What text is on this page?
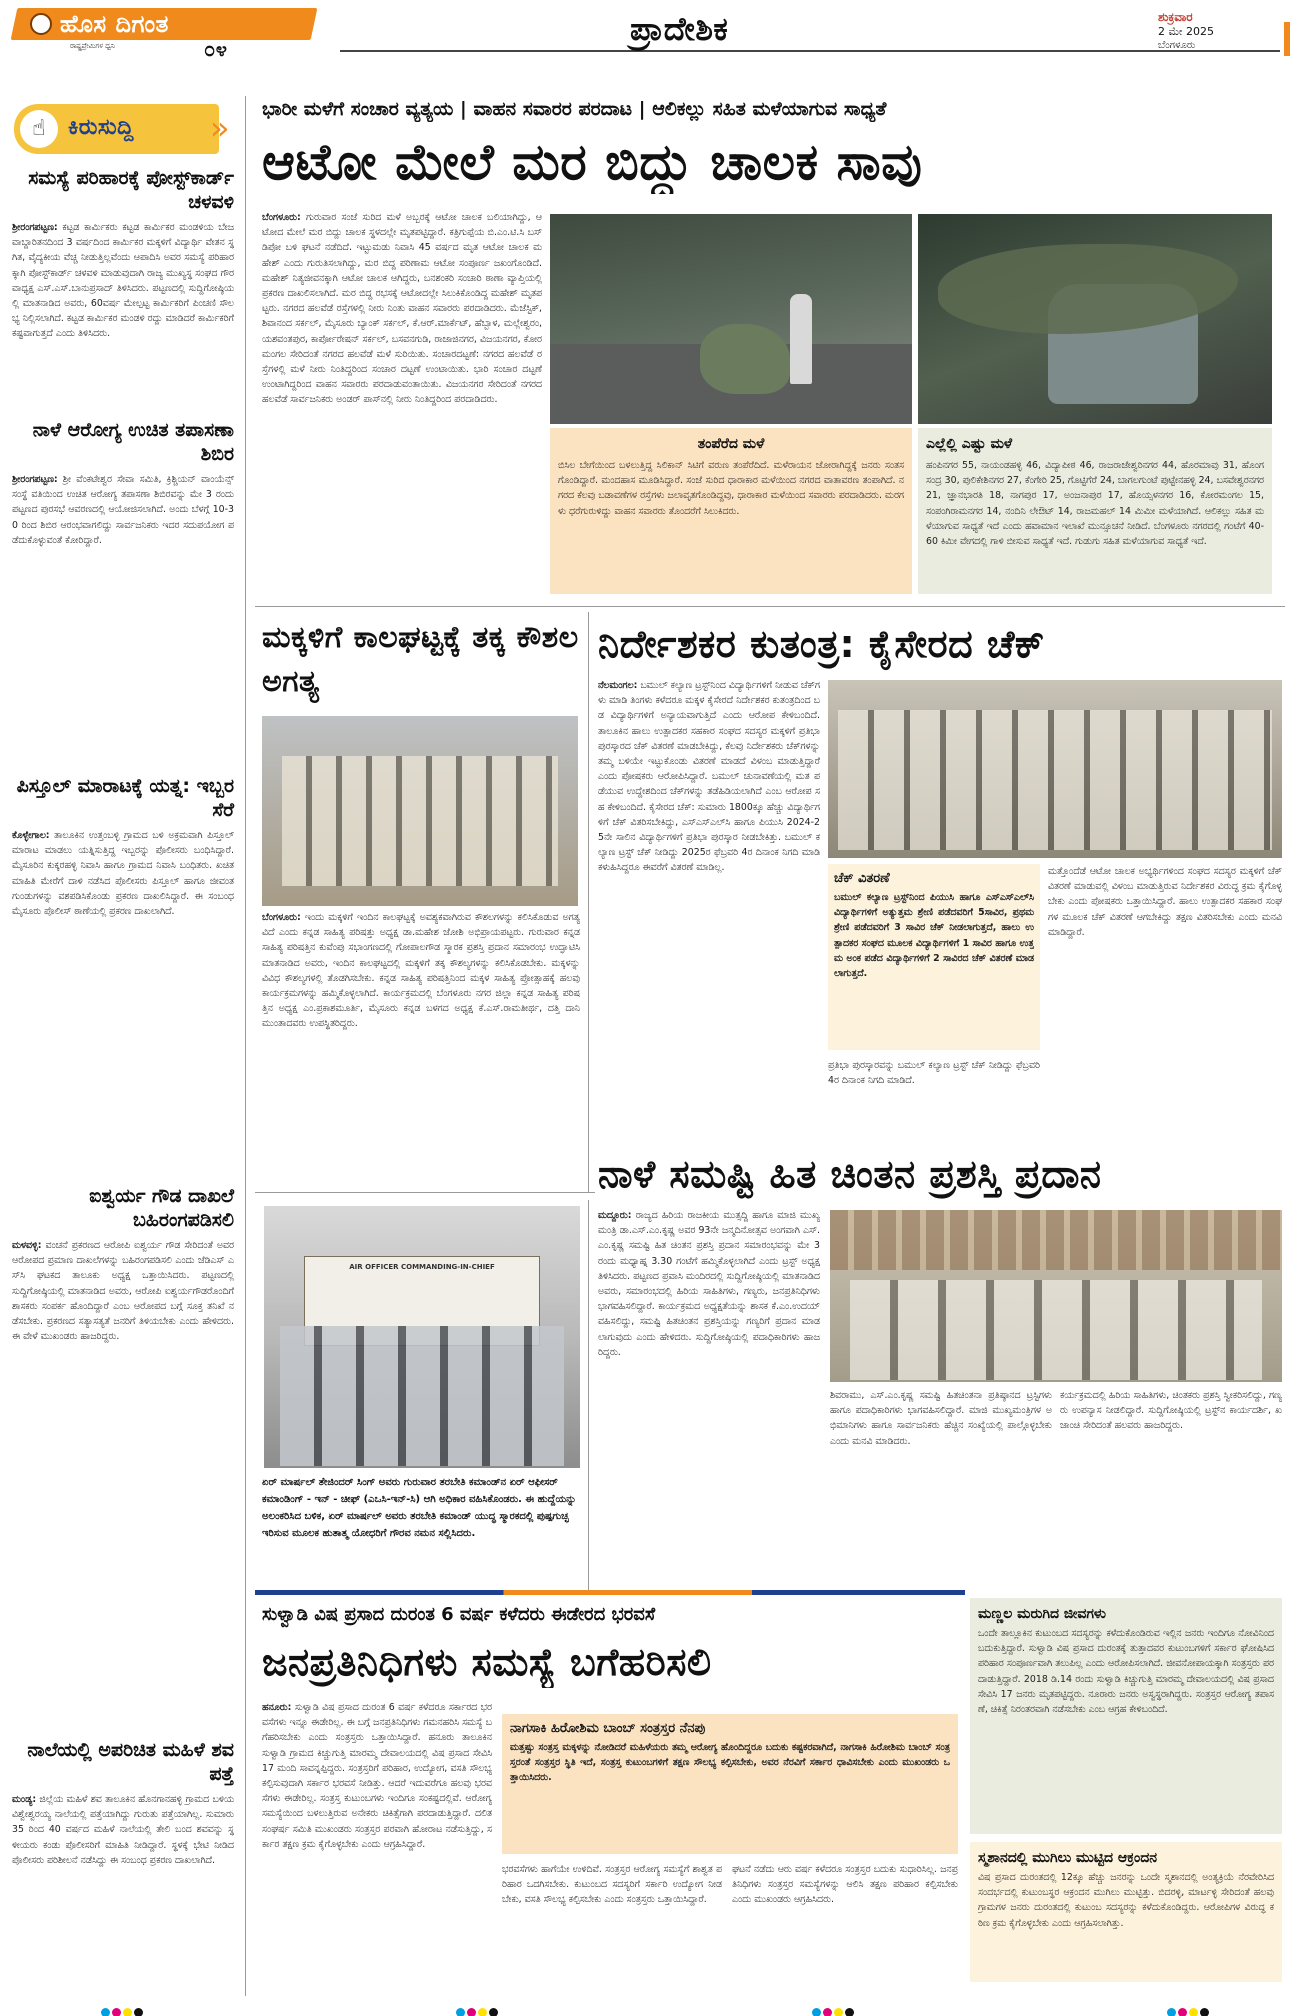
ಹೊಸ ದಿಗಂತ
ರಾಷ್ಟ್ರಪ್ರೇಮಿಗಳ ಧ್ವನಿ	೦೪
ಪ್ರಾದೇಶಿಕ	ಶುಕ್ರವಾರ
2 ಮೇ 2025
ಬೆಂಗಳೂರು
☝	ಕಿರುಸುದ್ದಿ »
ಸಮಸ್ಯೆ ಪರಿಹಾರಕ್ಕೆ ಪೋಸ್ಟ್‌ಕಾರ್ಡ್ ಚಳವಳಿ
ಶ್ರೀರಂಗಪಟ್ಟಣ: ಕಟ್ಟಡ ಕಾರ್ಮಿಕರು ಕಟ್ಟಡ ಕಾರ್ಮಿಕರ ಮಂಡಳಿಯ ಬೇಜವಾಬ್ದಾರಿತನದಿಂದ 3 ವರ್ಷದಿಂದ ಕಾರ್ಮಿಕರ ಮಕ್ಕಳಿಗೆ ವಿದ್ಯಾರ್ಥಿ ವೇತನ ಸ್ಥಗಿತ, ವೈದ್ಯಕೀಯ ವೆಚ್ಚ ನೀಡುತ್ತಿಲ್ಲವೆಂದು ಆಪಾದಿಸಿ ಅವರ ಸಮಸ್ಯೆ ಪರಿಹಾರಕ್ಕಾಗಿ ಪೋಸ್ಟ್‌ಕಾರ್ಡ್ ಚಳವಳಿ ಮಾಡುವುದಾಗಿ ರಾಜ್ಯ ಮುಖ್ಯಸ್ಥ ಸಂಘದ ಗೌರವಾಧ್ಯಕ್ಷ ಎಸ್.ಎಸ್.ಬಾನುಪ್ರಸಾದ್ ತಿಳಿಸಿದರು. ಪಟ್ಟಣದಲ್ಲಿ ಸುದ್ದಿಗೋಷ್ಠಿಯಲ್ಲಿ ಮಾತನಾಡಿದ ಅವರು, 60ವರ್ಷ ಮೇಲ್ಪಟ್ಟ ಕಾರ್ಮಿಕರಿಗೆ ಪಿಂಚಣಿ ಸೌಲಭ್ಯ ನಿಲ್ಲಿಸಲಾಗಿದೆ. ಕಟ್ಟಡ ಕಾರ್ಮಿಕರ ಮಂಡಳಿ ರದ್ದು ಮಾಡಿದರೆ ಕಾರ್ಮಿಕರಿಗೆ ಕಷ್ಟವಾಗುತ್ತದೆ ಎಂದು ತಿಳಿಸಿದರು.
ನಾಳೆ ಆರೋಗ್ಯ ಉಚಿತ ತಪಾಸಣಾ ಶಿಬಿರ
ಶ್ರೀರಂಗಪಟ್ಟಣ: ಶ್ರೀ ವೆಂಕಟೇಶ್ವರ ಸೇವಾ ಸಮಿತಿ, ಕ್ರಿಶ್ಚಿಯನ್ ವಾಂಯೆನ್ಸ್ ಸಂಸ್ಥೆ ವತಿಯಿಂದ ಉಚಿತ ಆರೋಗ್ಯ ತಪಾಸಣಾ ಶಿಬಿರವನ್ನು ಮೇ 3 ರಂದು ಪಟ್ಟಣದ ಪುರಸಭೆ ಆವರಣದಲ್ಲಿ ಆಯೋಜಿಸಲಾಗಿದೆ. ಅಂದು ಬೆಳಗ್ಗೆ 10-30 ರಿಂದ ಶಿಬಿರ ಆರಂಭವಾಗಲಿದ್ದು ಸಾರ್ವಜನಿಕರು ಇದರ ಸದುಪಯೋಗ ಪಡೆದುಕೊಳ್ಳುವಂತೆ ಕೋರಿದ್ದಾರೆ.
ಪಿಸ್ತೂಲ್ ಮಾರಾಟಕ್ಕೆ ಯತ್ನ: ಇಬ್ಬರ ಸೆರೆ
ಕೊಳ್ಳೇಗಾಲ: ತಾಲೂಕಿನ ಉತ್ತಂಬಳ್ಳಿ ಗ್ರಾಮದ ಬಳಿ ಅಕ್ರಮವಾಗಿ ಪಿಸ್ತೂಲ್ ಮಾರಾಟ ಮಾಡಲು ಯತ್ನಿಸುತ್ತಿದ್ದ ಇಬ್ಬರನ್ನು ಪೊಲೀಸರು ಬಂಧಿಸಿದ್ದಾರೆ. ಮೈಸೂರಿನ ಕುಕ್ಕರಹಳ್ಳಿ ನಿವಾಸಿ ಹಾಗೂ ಗ್ರಾಮದ ನಿವಾಸಿ ಬಂಧಿತರು. ಖಚಿತ ಮಾಹಿತಿ ಮೇರೆಗೆ ದಾಳಿ ನಡೆಸಿದ ಪೊಲೀಸರು ಪಿಸ್ತೂಲ್ ಹಾಗೂ ಜೀವಂತ ಗುಂಡುಗಳನ್ನು ವಶಪಡಿಸಿಕೊಂಡು ಪ್ರಕರಣ ದಾಖಲಿಸಿದ್ದಾರೆ. ಈ ಸಂಬಂಧ ಮೈಸೂರು ಪೊಲೀಸ್ ಠಾಣೆಯಲ್ಲಿ ಪ್ರಕರಣ ದಾಖಲಾಗಿದೆ.
ಐಶ್ವರ್ಯ ಗೌಡ ದಾಖಲೆ ಬಹಿರಂಗಪಡಿಸಲಿ
ಮಳವಳ್ಳಿ: ವಂಚನೆ ಪ್ರಕರಣದ ಆರೋಪಿ ಐಶ್ವರ್ಯ ಗೌಡ ಸೇರಿದಂತೆ ಅವರ ಆರೋಪದ ಪ್ರಮಾಣ ದಾಖಲೆಗಳನ್ನು ಬಹಿರಂಗಪಡಿಸಲಿ ಎಂದು ಜೆಡಿಎಸ್ ಎಸ್‌ಸಿ ಘಟಕದ ತಾಲೂಕು ಅಧ್ಯಕ್ಷ ಒತ್ತಾಯಿಸಿದರು. ಪಟ್ಟಣದಲ್ಲಿ ಸುದ್ದಿಗೋಷ್ಠಿಯಲ್ಲಿ ಮಾತನಾಡಿದ ಅವರು, ಆರೋಪಿ ಐಶ್ವರ್ಯಗೌಡರೊಂದಿಗೆ ಶಾಸಕರು ಸಂಪರ್ಕ ಹೊಂದಿದ್ದಾರೆ ಎಂಬ ಆರೋಪದ ಬಗ್ಗೆ ಸೂಕ್ತ ತನಿಖೆ ನಡೆಸಬೇಕು. ಪ್ರಕರಣದ ಸತ್ಯಾಸತ್ಯತೆ ಜನರಿಗೆ ತಿಳಿಯಬೇಕು ಎಂದು ಹೇಳಿದರು. ಈ ವೇಳೆ ಮುಖಂಡರು ಹಾಜರಿದ್ದರು.
ನಾಲೆಯಲ್ಲಿ ಅಪರಿಚಿತ ಮಹಿಳೆ ಶವ ಪತ್ತೆ
ಮಂಡ್ಯ: ಜಿಲ್ಲೆಯ ಮಹಿಳೆ ಶವ ತಾಲೂಕಿನ ಹೊನಗಾನಹಳ್ಳಿ ಗ್ರಾಮದ ಬಳಿಯ ವಿಶ್ವೇಶ್ವರಯ್ಯ ನಾಲೆಯಲ್ಲಿ ಪತ್ತೆಯಾಗಿದ್ದು ಗುರುತು ಪತ್ತೆಯಾಗಿಲ್ಲ. ಸುಮಾರು 35 ರಿಂದ 40 ವರ್ಷದ ಮಹಿಳೆ ನಾಲೆಯಲ್ಲಿ ತೇಲಿ ಬಂದ ಶವವನ್ನು ಸ್ಥಳೀಯರು ಕಂಡು ಪೊಲೀಸರಿಗೆ ಮಾಹಿತಿ ನೀಡಿದ್ದಾರೆ. ಸ್ಥಳಕ್ಕೆ ಭೇಟಿ ನೀಡಿದ ಪೊಲೀಸರು ಪರಿಶೀಲನೆ ನಡೆಸಿದ್ದು ಈ ಸಂಬಂಧ ಪ್ರಕರಣ ದಾಖಲಾಗಿದೆ.
ಭಾರೀ ಮಳೆಗೆ ಸಂಚಾರ ವ್ಯತ್ಯಯ | ವಾಹನ ಸವಾರರ ಪರದಾಟ | ಆಲಿಕಲ್ಲು ಸಹಿತ ಮಳೆಯಾಗುವ ಸಾಧ್ಯತೆ
ಆಟೋ ಮೇಲೆ ಮರ ಬಿದ್ದು ಚಾಲಕ ಸಾವು
ಬೆಂಗಳೂರು: ಗುರುವಾರ ಸಂಜೆ ಸುರಿದ ಮಳೆ ಅಬ್ಬರಕ್ಕೆ ಆಟೋ ಚಾಲಕ ಬಲಿಯಾಗಿದ್ದು, ಆಟೋದ ಮೇಲೆ ಮರ ಬಿದ್ದು ಚಾಲಕ ಸ್ಥಳದಲ್ಲೇ ಮೃತಪಟ್ಟಿದ್ದಾರೆ. ಕತ್ರಿಗುಪ್ಪೆಯ ಬಿ.ಎಂ.ಟಿ.ಸಿ ಬಸ್ ಡಿಪೋ ಬಳಿ ಘಟನೆ ನಡೆದಿದೆ. ಇಟ್ಟುಮಡು ನಿವಾಸಿ 45 ವರ್ಷದ ಮೃತ ಆಟೋ ಚಾಲಕ ಮಹೇಶ್ ಎಂದು ಗುರುತಿಸಲಾಗಿದ್ದು, ಮರ ಬಿದ್ದ ಪರಿಣಾಮ ಆಟೋ ಸಂಪೂರ್ಣ ಜಖಂಗೊಂಡಿದೆ. ಮಹೇಶ್ ನಿತ್ಯಜೀವನಕ್ಕಾಗಿ ಆಟೋ ಚಾಲಕ ಆಗಿದ್ದರು, ಬನಶಂಕರಿ ಸಂಚಾರಿ ಠಾಣಾ ವ್ಯಾಪ್ತಿಯಲ್ಲಿ ಪ್ರಕರಣ ದಾಖಲಿಸಲಾಗಿದೆ. ಮರ ಬಿದ್ದ ರಭಸಕ್ಕೆ ಆಟೋದಲ್ಲೇ ಸಿಲುಕಿಕೊಂಡಿದ್ದ ಮಹೇಶ್ ಮೃತಪಟ್ಟರು. ನಗರದ ಹಲವೆಡೆ ರಸ್ತೆಗಳಲ್ಲಿ ನೀರು ನಿಂತು ವಾಹನ ಸವಾರರು ಪರದಾಡಿದರು. ಮೆಜೆಸ್ಟಿಕ್, ಶಿವಾನಂದ ಸರ್ಕಲ್, ಮೈಸೂರು ಬ್ಯಾಂಕ್ ಸರ್ಕಲ್, ಕೆ.ಆರ್.ಮಾರ್ಕೆಟ್, ಹೆಬ್ಬಾಳ, ಮಲ್ಲೇಶ್ವರಂ, ಯಶವಂತಪುರ, ಕಾರ್ಪೋರೇಷನ್ ಸರ್ಕಲ್, ಬಸವನಗುಡಿ, ರಾಜಾಜಿನಗರ, ವಿಜಯನಗರ, ಕೋರಮಂಗಲ ಸೇರಿದಂತೆ ನಗರದ ಹಲವೆಡೆ ಮಳೆ ಸುರಿಯಿತು. ಸಂಚಾರದಟ್ಟಣೆ: ನಗರದ ಹಲವೆಡೆ ರಸ್ತೆಗಳಲ್ಲಿ ಮಳೆ ನೀರು ನಿಂತಿದ್ದರಿಂದ ಸಂಚಾರ ದಟ್ಟಣೆ ಉಂಟಾಯಿತು. ಭಾರಿ ಸಂಚಾರ ದಟ್ಟಣೆ ಉಂಟಾಗಿದ್ದರಿಂದ ವಾಹನ ಸವಾರರು ಪರದಾಡುವಂತಾಯಿತು. ವಿಜಯನಗರ ಸೇರಿದಂತೆ ನಗರದ ಹಲವೆಡೆ ಸಾರ್ವಜನಿಕರು ಅಂಡರ್ ಪಾಸ್‌ನಲ್ಲಿ ನೀರು ನಿಂತಿದ್ದರಿಂದ ಪರದಾಡಿದರು.
ತಂಪೆರೆದ ಮಳೆ
ಬಿಸಿಲ ಬೇಗೆಯಿಂದ ಬಳಲುತ್ತಿದ್ದ ಸಿಲಿಕಾನ್ ಸಿಟಿಗೆ ವರುಣ ತಂಪೆರೆದಿದೆ. ಮಳೆರಾಯನ ಜೋರಾಗಿದ್ದಕ್ಕೆ ಜನರು ಸಂತಸಗೊಂಡಿದ್ದಾರೆ. ಮಂದಹಾಸ ಮೂಡಿಸಿದ್ದಾರೆ. ಸಂಜೆ ಸುರಿದ ಧಾರಾಕಾರ ಮಳೆಯಿಂದ ನಗರದ ವಾತಾವರಣ ತಂಪಾಗಿದೆ. ನಗರದ ಕೆಲವು ಬಡಾವಣೆಗಳ ರಸ್ತೆಗಳು ಜಲಾವೃತಗೊಂಡಿದ್ದವು, ಧಾರಾಕಾರ ಮಳೆಯಿಂದ ಸವಾರರು ಪರದಾಡಿದರು. ಮರಗಳು ಧರೆಗುರುಳಿದ್ದು ವಾಹನ ಸವಾರರು ತೊಂದರೆಗೆ ಸಿಲುಕಿದರು.
ಎಲ್ಲೆಲ್ಲಿ ಎಷ್ಟು ಮಳೆ
ಹಂಪಿನಗರ 55, ನಾಯಂಡಹಳ್ಳಿ 46, ವಿದ್ಯಾಪೀಠ 46, ರಾಜರಾಜೇಶ್ವರಿನಗರ 44, ಹೊರಮಾವು 31, ಹೊಂಗಸಂದ್ರ 30, ಪುಲಿಕೇಶಿನಗರ 27, ಕೆಂಗೇರಿ 25, ಗೊಟ್ಟಿಗೆರೆ 24, ಬಾಗಲಗುಂಟೆ ಪುಟ್ಟೇನಹಳ್ಳಿ 24, ಬಸವೇಶ್ವರನಗರ 21, ಜ್ಞಾನಭಾರತಿ 18, ನಾಗಪುರ 17, ಅಂಜನಾಪುರ 17, ಹೊಯ್ಸಳನಗರ 16, ಕೋರಮಂಗಲ 15, ಸಂಪಂಗಿರಾಮನಗರ 14, ನಂದಿನಿ ಲೇಔಟ್ 14, ರಾಜಮಹಲ್ 14 ಮಿಮೀ ಮಳೆಯಾಗಿದೆ. ಆಲಿಕಲ್ಲು ಸಹಿತ ಮಳೆಯಾಗುವ ಸಾಧ್ಯತೆ ಇದೆ ಎಂದು ಹವಾಮಾನ ಇಲಾಖೆ ಮುನ್ಸೂಚನೆ ನೀಡಿದೆ. ಬೆಂಗಳೂರು ನಗರದಲ್ಲಿ ಗಂಟೆಗೆ 40-60 ಕಿಮೀ ವೇಗದಲ್ಲಿ ಗಾಳಿ ಬೀಸುವ ಸಾಧ್ಯತೆ ಇದೆ. ಗುಡುಗು ಸಹಿತ ಮಳೆಯಾಗುವ ಸಾಧ್ಯತೆ ಇದೆ.
ಮಕ್ಕಳಿಗೆ ಕಾಲಘಟ್ಟಕ್ಕೆ ತಕ್ಕ ಕೌಶಲ ಅಗತ್ಯ
ಬೆಂಗಳೂರು: ಇಂದು ಮಕ್ಕಳಿಗೆ ಇಂದಿನ ಕಾಲಘಟ್ಟಕ್ಕೆ ಅವಶ್ಯಕವಾಗಿರುವ ಕೌಶಲಗಳನ್ನು ಕಲಿಸಿಕೊಡುವ ಅಗತ್ಯವಿದೆ ಎಂದು ಕನ್ನಡ ಸಾಹಿತ್ಯ ಪರಿಷತ್ತು ಅಧ್ಯಕ್ಷ ಡಾ.ಮಹೇಶ ಜೋಶಿ ಅಭಿಪ್ರಾಯಪಟ್ಟರು. ಗುರುವಾರ ಕನ್ನಡ ಸಾಹಿತ್ಯ ಪರಿಷತ್ತಿನ ಕುವೆಂಪು ಸಭಾಂಗಣದಲ್ಲಿ ಗೋಪಾಲಗೌಡ ಸ್ಮಾರಕ ಪ್ರಶಸ್ತಿ ಪ್ರದಾನ ಸಮಾರಂಭ ಉದ್ಘಾಟಿಸಿ ಮಾತನಾಡಿದ ಅವರು, ಇಂದಿನ ಕಾಲಘಟ್ಟದಲ್ಲಿ ಮಕ್ಕಳಿಗೆ ತಕ್ಕ ಕೌಶಲ್ಯಗಳನ್ನು ಕಲಿಸಿಕೊಡಬೇಕು. ಮಕ್ಕಳನ್ನು ವಿವಿಧ ಕೌಶಲ್ಯಗಳಲ್ಲಿ ತೊಡಗಿಸಬೇಕು. ಕನ್ನಡ ಸಾಹಿತ್ಯ ಪರಿಷತ್ತಿನಿಂದ ಮಕ್ಕಳ ಸಾಹಿತ್ಯ ಪ್ರೋತ್ಸಾಹಕ್ಕೆ ಹಲವು ಕಾರ್ಯಕ್ರಮಗಳನ್ನು ಹಮ್ಮಿಕೊಳ್ಳಲಾಗಿದೆ. ಕಾರ್ಯಕ್ರಮದಲ್ಲಿ ಬೆಂಗಳೂರು ನಗರ ಜಿಲ್ಲಾ ಕನ್ನಡ ಸಾಹಿತ್ಯ ಪರಿಷತ್ತಿನ ಅಧ್ಯಕ್ಷ ಎಂ.ಪ್ರಕಾಶಮೂರ್ತಿ, ಮೈಸೂರು ಕನ್ನಡ ಬಳಗದ ಅಧ್ಯಕ್ಷ ಕೆ.ಎಸ್.ರಾಮತೀರ್ಥ, ದತ್ತಿ ದಾನಿ ಮುಂತಾದವರು ಉಪಸ್ಥಿತರಿದ್ದರು.
ನಿರ್ದೇಶಕರ ಕುತಂತ್ರ: ಕೈಸೇರದ ಚೆಕ್
ನೆಲಮಂಗಲ: ಬಮುಲ್ ಕಲ್ಯಾಣ ಟ್ರಸ್ಟ್‌ನಿಂದ ವಿದ್ಯಾರ್ಥಿಗಳಿಗೆ ನೀಡುವ ಚೆಕ್‌ಗಳು ಮಾಡಿ ತಿಂಗಳು ಕಳೆದರೂ ಮಕ್ಕಳ ಕೈಸೇರದೆ ನಿರ್ದೇಶಕರ ಕುತಂತ್ರದಿಂದ ಬಡ ವಿದ್ಯಾರ್ಥಿಗಳಿಗೆ ಅನ್ಯಾಯವಾಗುತ್ತಿದೆ ಎಂದು ಆರೋಪ ಕೇಳಿಬಂದಿದೆ. ತಾಲೂಕಿನ ಹಾಲು ಉತ್ಪಾದಕರ ಸಹಕಾರ ಸಂಘದ ಸದಸ್ಯರ ಮಕ್ಕಳಿಗೆ ಪ್ರತಿಭಾ ಪುರಸ್ಕಾರದ ಚೆಕ್ ವಿತರಣೆ ಮಾಡಬೇಕಿದ್ದು, ಕೆಲವು ನಿರ್ದೇಶಕರು ಚೆಕ್‌ಗಳನ್ನು ತಮ್ಮ ಬಳಿಯೇ ಇಟ್ಟುಕೊಂಡು ವಿತರಣೆ ಮಾಡದೆ ವಿಳಂಬ ಮಾಡುತ್ತಿದ್ದಾರೆ ಎಂದು ಪೋಷಕರು ಆರೋಪಿಸಿದ್ದಾರೆ. ಬಮುಲ್ ಚುನಾವಣೆಯಲ್ಲಿ ಮತ ಪಡೆಯುವ ಉದ್ದೇಶದಿಂದ ಚೆಕ್‌ಗಳನ್ನು ತಡೆಹಿಡಿಯಲಾಗಿದೆ ಎಂಬ ಆರೋಪ ಸಹ ಕೇಳಿಬಂದಿದೆ. ಕೈಸೇರದ ಚೆಕ್: ಸುಮಾರು 1800ಕ್ಕೂ ಹೆಚ್ಚು ವಿದ್ಯಾರ್ಥಿಗಳಿಗೆ ಚೆಕ್ ವಿತರಿಸಬೇಕಿದ್ದು, ಎಸ್‌ಎಸ್‌ಎಲ್‌ಸಿ ಹಾಗೂ ಪಿಯುಸಿ 2024-25ನೇ ಸಾಲಿನ ವಿದ್ಯಾರ್ಥಿಗಳಿಗೆ ಪ್ರತಿಭಾ ಪುರಸ್ಕಾರ ನೀಡಬೇಕಿತ್ತು. ಬಮುಲ್ ಕಲ್ಯಾಣ ಟ್ರಸ್ಟ್ ಚೆಕ್ ನೀಡಿದ್ದು 2025ರ ಫೆಬ್ರವರಿ 4ರ ದಿನಾಂಕ ನಿಗದಿ ಮಾಡಿ ಕಳುಹಿಸಿದ್ದರೂ ಈವರೆಗೆ ವಿತರಣೆ ಮಾಡಿಲ್ಲ.
ಚೆಕ್ ವಿತರಣೆ
ಬಮುಲ್ ಕಲ್ಯಾಣ ಟ್ರಸ್ಟ್‌ನಿಂದ ಪಿಯುಸಿ ಹಾಗೂ ಎಸ್‌ಎಸ್‌ಎಲ್‌ಸಿ ವಿದ್ಯಾರ್ಥಿಗಳಿಗೆ ಅತ್ಯುತ್ತಮ ಶ್ರೇಣಿ ಪಡೆದವರಿಗೆ 5ಸಾವಿರ, ಪ್ರಥಮ ಶ್ರೇಣಿ ಪಡೆದವರಿಗೆ 3 ಸಾವಿರ ಚೆಕ್ ನೀಡಲಾಗುತ್ತದೆ, ಹಾಲು ಉತ್ಪಾದಕರ ಸಂಘದ ಮೂಲಕ ವಿದ್ಯಾರ್ಥಿಗಳಿಗೆ 1 ಸಾವಿರ ಹಾಗೂ ಉತ್ತಮ ಅಂಕ ಪಡೆದ ವಿದ್ಯಾರ್ಥಿಗಳಿಗೆ 2 ಸಾವಿರದ ಚೆಕ್ ವಿತರಣೆ ಮಾಡಲಾಗುತ್ತದೆ.
ಮತ್ತೊಂದೆಡೆ ಆಟೋ ಚಾಲಕ ಅಭ್ಯರ್ಥಿಗಳಿಂದ ಸಂಘದ ಸದಸ್ಯರ ಮಕ್ಕಳಿಗೆ ಚೆಕ್ ವಿತರಣೆ ಮಾಡುವಲ್ಲಿ ವಿಳಂಬ ಮಾಡುತ್ತಿರುವ ನಿರ್ದೇಶಕರ ವಿರುದ್ಧ ಕ್ರಮ ಕೈಗೊಳ್ಳಬೇಕು ಎಂದು ಪೋಷಕರು ಒತ್ತಾಯಿಸಿದ್ದಾರೆ. ಹಾಲು ಉತ್ಪಾದಕರ ಸಹಕಾರ ಸಂಘಗಳ ಮೂಲಕ ಚೆಕ್ ವಿತರಣೆ ಆಗಬೇಕಿದ್ದು ತಕ್ಷಣ ವಿತರಿಸಬೇಕು ಎಂದು ಮನವಿ ಮಾಡಿದ್ದಾರೆ.
ಪ್ರತಿಭಾ ಪುರಸ್ಕಾರವನ್ನು ಬಮುಲ್ ಕಲ್ಯಾಣ ಟ್ರಸ್ಟ್ ಚೆಕ್ ನೀಡಿದ್ದು ಫೆಬ್ರವರಿ 4ರ ದಿನಾಂಕ ನಿಗದಿ ಮಾಡಿದೆ.
AIR OFFICER COMMANDING-IN-CHIEF
ಏರ್ ಮಾರ್ಷಲ್ ತೇಜಿಂದರ್ ಸಿಂಗ್ ಅವರು ಗುರುವಾರ ತರಬೇತಿ ಕಮಾಂಡ್‌ನ ಏರ್ ಆಫೀಸರ್ ಕಮಾಂಡಿಂಗ್ - ಇನ್ - ಚೀಫ್ (ಎಒಸಿ-ಇನ್-ಸಿ) ಆಗಿ ಅಧಿಕಾರ ವಹಿಸಿಕೊಂಡರು. ಈ ಹುದ್ದೆಯನ್ನು ಅಲಂಕರಿಸಿದ ಬಳಿಕ, ಏರ್ ಮಾರ್ಷಲ್ ಅವರು ತರಬೇತಿ ಕಮಾಂಡ್ ಯುದ್ಧ ಸ್ಮಾರಕದಲ್ಲಿ ಪುಷ್ಪಗುಚ್ಛ ಇರಿಸುವ ಮೂಲಕ ಹುತಾತ್ಮ ಯೋಧರಿಗೆ ಗೌರವ ನಮನ ಸಲ್ಲಿಸಿದರು.
ನಾಳೆ ಸಮಷ್ಟಿ ಹಿತ ಚಿಂತನ ಪ್ರಶಸ್ತಿ ಪ್ರದಾನ
ಮದ್ದೂರು: ರಾಜ್ಯದ ಹಿರಿಯ ರಾಜಕೀಯ ಮುತ್ಸದ್ದಿ ಹಾಗೂ ಮಾಜಿ ಮುಖ್ಯಮಂತ್ರಿ ಡಾ.ಎಸ್.ಎಂ.ಕೃಷ್ಣ ಅವರ 93ನೇ ಜನ್ಮದಿನೋತ್ಸವ ಅಂಗವಾಗಿ ಎಸ್.ಎಂ.ಕೃಷ್ಣ ಸಮಷ್ಟಿ ಹಿತ ಚಿಂತನ ಪ್ರಶಸ್ತಿ ಪ್ರದಾನ ಸಮಾರಂಭವನ್ನು ಮೇ 3 ರಂದು ಮಧ್ಯಾಹ್ನ 3.30 ಗಂಟೆಗೆ ಹಮ್ಮಿಕೊಳ್ಳಲಾಗಿದೆ ಎಂದು ಟ್ರಸ್ಟ್ ಅಧ್ಯಕ್ಷ ತಿಳಿಸಿದರು. ಪಟ್ಟಣದ ಪ್ರವಾಸಿ ಮಂದಿರದಲ್ಲಿ ಸುದ್ದಿಗೋಷ್ಠಿಯಲ್ಲಿ ಮಾತನಾಡಿದ ಅವರು, ಸಮಾರಂಭದಲ್ಲಿ ಹಿರಿಯ ಸಾಹಿತಿಗಳು, ಗಣ್ಯರು, ಜನಪ್ರತಿನಿಧಿಗಳು ಭಾಗವಹಿಸಲಿದ್ದಾರೆ. ಕಾರ್ಯಕ್ರಮದ ಅಧ್ಯಕ್ಷತೆಯನ್ನು ಶಾಸಕ ಕೆ.ಎಂ.ಉದಯ್ ವಹಿಸಲಿದ್ದು, ಸಮಷ್ಟಿ ಹಿತಚಿಂತನ ಪ್ರಶಸ್ತಿಯನ್ನು ಗಣ್ಯರಿಗೆ ಪ್ರದಾನ ಮಾಡಲಾಗುವುದು ಎಂದು ಹೇಳಿದರು. ಸುದ್ದಿಗೋಷ್ಠಿಯಲ್ಲಿ ಪದಾಧಿಕಾರಿಗಳು ಹಾಜರಿದ್ದರು.
ಶಿವರಾಮು, ಎಸ್.ಎಂ.ಕೃಷ್ಣ ಸಮಷ್ಟಿ ಹಿತಚಿಂತನಾ ಪ್ರತಿಷ್ಠಾನದ ಟ್ರಸ್ಟಿಗಳು ಹಾಗೂ ಪದಾಧಿಕಾರಿಗಳು ಭಾಗವಹಿಸಲಿದ್ದಾರೆ. ಮಾಜಿ ಮುಖ್ಯಮಂತ್ರಿಗಳ ಅಭಿಮಾನಿಗಳು ಹಾಗೂ ಸಾರ್ವಜನಿಕರು ಹೆಚ್ಚಿನ ಸಂಖ್ಯೆಯಲ್ಲಿ ಪಾಲ್ಗೊಳ್ಳಬೇಕು ಎಂದು ಮನವಿ ಮಾಡಿದರು.
ಕರ್ಯಕ್ರಮದಲ್ಲಿ ಹಿರಿಯ ಸಾಹಿತಿಗಳು, ಚಿಂತಕರು ಪ್ರಶಸ್ತಿ ಸ್ವೀಕರಿಸಲಿದ್ದು, ಗಣ್ಯರು ಉಪನ್ಯಾಸ ನೀಡಲಿದ್ದಾರೆ. ಸುದ್ದಿಗೋಷ್ಠಿಯಲ್ಲಿ ಟ್ರಸ್ಟ್‌ನ ಕಾರ್ಯದರ್ಶಿ, ಖಜಾಂಚಿ ಸೇರಿದಂತೆ ಹಲವರು ಹಾಜರಿದ್ದರು.
ಸುಳ್ವಾಡಿ ವಿಷ ಪ್ರಸಾದ ದುರಂತ 6 ವರ್ಷ ಕಳೆದರು ಈಡೇರದ ಭರವಸೆ
ಜನಪ್ರತಿನಿಧಿಗಳು ಸಮಸ್ಯೆ ಬಗೆಹರಿಸಲಿ
ಹನೂರು: ಸುಳ್ವಾಡಿ ವಿಷ ಪ್ರಸಾದ ದುರಂತ 6 ವರ್ಷ ಕಳೆದರೂ ಸರ್ಕಾರದ ಭರವಸೆಗಳು ಇನ್ನೂ ಈಡೇರಿಲ್ಲ. ಈ ಬಗ್ಗೆ ಜನಪ್ರತಿನಿಧಿಗಳು ಗಮನಹರಿಸಿ ಸಮಸ್ಯೆ ಬಗೆಹರಿಸಬೇಕು ಎಂದು ಸಂತ್ರಸ್ತರು ಒತ್ತಾಯಿಸಿದ್ದಾರೆ. ಹನೂರು ತಾಲೂಕಿನ ಸುಳ್ವಾಡಿ ಗ್ರಾಮದ ಕಿಚ್ಚುಗುತ್ತಿ ಮಾರಮ್ಮ ದೇವಾಲಯದಲ್ಲಿ ವಿಷ ಪ್ರಸಾದ ಸೇವಿಸಿ 17 ಮಂದಿ ಸಾವನ್ನಪ್ಪಿದ್ದರು. ಸಂತ್ರಸ್ತರಿಗೆ ಪರಿಹಾರ, ಉದ್ಯೋಗ, ವಸತಿ ಸೌಲಭ್ಯ ಕಲ್ಪಿಸುವುದಾಗಿ ಸರ್ಕಾರ ಭರವಸೆ ನೀಡಿತ್ತು. ಆದರೆ ಇದುವರೆಗೂ ಹಲವು ಭರವಸೆಗಳು ಈಡೇರಿಲ್ಲ. ಸಂತ್ರಸ್ತ ಕುಟುಂಬಗಳು ಇಂದಿಗೂ ಸಂಕಷ್ಟದಲ್ಲಿವೆ. ಆರೋಗ್ಯ ಸಮಸ್ಯೆಯಿಂದ ಬಳಲುತ್ತಿರುವ ಅನೇಕರು ಚಿಕಿತ್ಸೆಗಾಗಿ ಪರದಾಡುತ್ತಿದ್ದಾರೆ. ದಲಿತ ಸಂಘರ್ಷ ಸಮಿತಿ ಮುಖಂಡರು ಸಂತ್ರಸ್ತರ ಪರವಾಗಿ ಹೋರಾಟ ನಡೆಸುತ್ತಿದ್ದು, ಸರ್ಕಾರ ತಕ್ಷಣ ಕ್ರಮ ಕೈಗೊಳ್ಳಬೇಕು ಎಂದು ಆಗ್ರಹಿಸಿದ್ದಾರೆ.
ನಾಗಸಾಕಿ ಹಿರೋಶಿಮ ಬಾಂಬ್ ಸಂತ್ರಸ್ತರ ನೆನಪು
ಮತ್ತಷ್ಟು ಸಂತ್ರಸ್ತ ಮಕ್ಕಳನ್ನು ನೋಡಿದರೆ ಮಹಿಳೆಯರು ತಮ್ಮ ಆರೋಗ್ಯ ಹೊಂದಿದ್ದರೂ ಬದುಕು ಕಷ್ಟಕರವಾಗಿದೆ, ನಾಗಸಾಕಿ ಹಿರೋಶಿಮ ಬಾಂಬ್ ಸಂತ್ರಸ್ತರಂತೆ ಸಂತ್ರಸ್ತರ ಸ್ಥಿತಿ ಇದೆ, ಸಂತ್ರಸ್ತ ಕುಟುಂಬಗಳಿಗೆ ತಕ್ಷಣ ಸೌಲಭ್ಯ ಕಲ್ಪಿಸಬೇಕು, ಅವರ ನೆರವಿಗೆ ಸರ್ಕಾರ ಧಾವಿಸಬೇಕು ಎಂದು ಮುಖಂಡರು ಒತ್ತಾಯಿಸಿದರು.
ಭರವಸೆಗಳು ಹಾಗೆಯೇ ಉಳಿದಿವೆ. ಸಂತ್ರಸ್ತರ ಆರೋಗ್ಯ ಸಮಸ್ಯೆಗೆ ಶಾಶ್ವತ ಪರಿಹಾರ ಒದಗಿಸಬೇಕು. ಕುಟುಂಬದ ಸದಸ್ಯರಿಗೆ ಸರ್ಕಾರಿ ಉದ್ಯೋಗ ನೀಡಬೇಕು, ವಸತಿ ಸೌಲಭ್ಯ ಕಲ್ಪಿಸಬೇಕು ಎಂದು ಸಂತ್ರಸ್ತರು ಒತ್ತಾಯಿಸಿದ್ದಾರೆ.
ಘಟನೆ ನಡೆದು ಆರು ವರ್ಷ ಕಳೆದರೂ ಸಂತ್ರಸ್ತರ ಬದುಕು ಸುಧಾರಿಸಿಲ್ಲ. ಜನಪ್ರತಿನಿಧಿಗಳು ಸಂತ್ರಸ್ತರ ಸಮಸ್ಯೆಗಳನ್ನು ಆಲಿಸಿ ತಕ್ಷಣ ಪರಿಹಾರ ಕಲ್ಪಿಸಬೇಕು ಎಂದು ಮುಖಂಡರು ಆಗ್ರಹಿಸಿದರು.
ಮಣ್ಣಲ ಮರುಗಿದ ಜೀವಗಳು
ಒಂದೇ ತಾಲ್ಲೂಕಿನ ಕುಟುಂಬದ ಸದಸ್ಯರನ್ನು ಕಳೆದುಕೊಂಡಿರುವ ಇಲ್ಲಿನ ಜನರು ಇಂದಿಗೂ ನೋವಿನಿಂದ ಬದುಕುತ್ತಿದ್ದಾರೆ. ಸುಳ್ವಾಡಿ ವಿಷ ಪ್ರಸಾದ ದುರಂತಕ್ಕೆ ತುತ್ತಾದವರ ಕುಟುಂಬಗಳಿಗೆ ಸರ್ಕಾರ ಘೋಷಿಸಿದ ಪರಿಹಾರ ಸಂಪೂರ್ಣವಾಗಿ ತಲುಪಿಲ್ಲ ಎಂದು ಆರೋಪಿಸಲಾಗಿದೆ. ಜೀವನೋಪಾಯಕ್ಕಾಗಿ ಸಂತ್ರಸ್ತರು ಪರದಾಡುತ್ತಿದ್ದಾರೆ. 2018 ಡಿ.14 ರಂದು ಸುಳ್ವಾಡಿ ಕಿಚ್ಚುಗುತ್ತಿ ಮಾರಮ್ಮ ದೇವಾಲಯದಲ್ಲಿ ವಿಷ ಪ್ರಸಾದ ಸೇವಿಸಿ 17 ಜನರು ಮೃತಪಟ್ಟಿದ್ದರು. ನೂರಾರು ಜನರು ಅಸ್ವಸ್ಥರಾಗಿದ್ದರು. ಸಂತ್ರಸ್ತರ ಆರೋಗ್ಯ ತಪಾಸಣೆ, ಚಿಕಿತ್ಸೆ ನಿರಂತರವಾಗಿ ನಡೆಸಬೇಕು ಎಂಬ ಆಗ್ರಹ ಕೇಳಿಬಂದಿದೆ.
ಸ್ಮಶಾನದಲ್ಲಿ ಮುಗಿಲು ಮುಟ್ಟಿದ ಆಕ್ರಂದನ
ವಿಷ ಪ್ರಸಾದ ದುರಂತದಲ್ಲಿ 12ಕ್ಕೂ ಹೆಚ್ಚು ಜನರನ್ನು ಒಂದೇ ಸ್ಮಶಾನದಲ್ಲಿ ಅಂತ್ಯಕ್ರಿಯೆ ನೆರವೇರಿಸಿದ ಸಂದರ್ಭದಲ್ಲಿ ಕುಟುಂಬಸ್ಥರ ಆಕ್ರಂದನ ಮುಗಿಲು ಮುಟ್ಟಿತ್ತು. ಬಿದರಳ್ಳಿ, ಮಾರ್ಟಳ್ಳಿ ಸೇರಿದಂತೆ ಹಲವು ಗ್ರಾಮಗಳ ಜನರು ದುರಂತದಲ್ಲಿ ಕುಟುಂಬ ಸದಸ್ಯರನ್ನು ಕಳೆದುಕೊಂಡಿದ್ದರು. ಆರೋಪಿಗಳ ವಿರುದ್ಧ ಕಠಿಣ ಕ್ರಮ ಕೈಗೊಳ್ಳಬೇಕು ಎಂದು ಆಗ್ರಹಿಸಲಾಗಿತ್ತು.
